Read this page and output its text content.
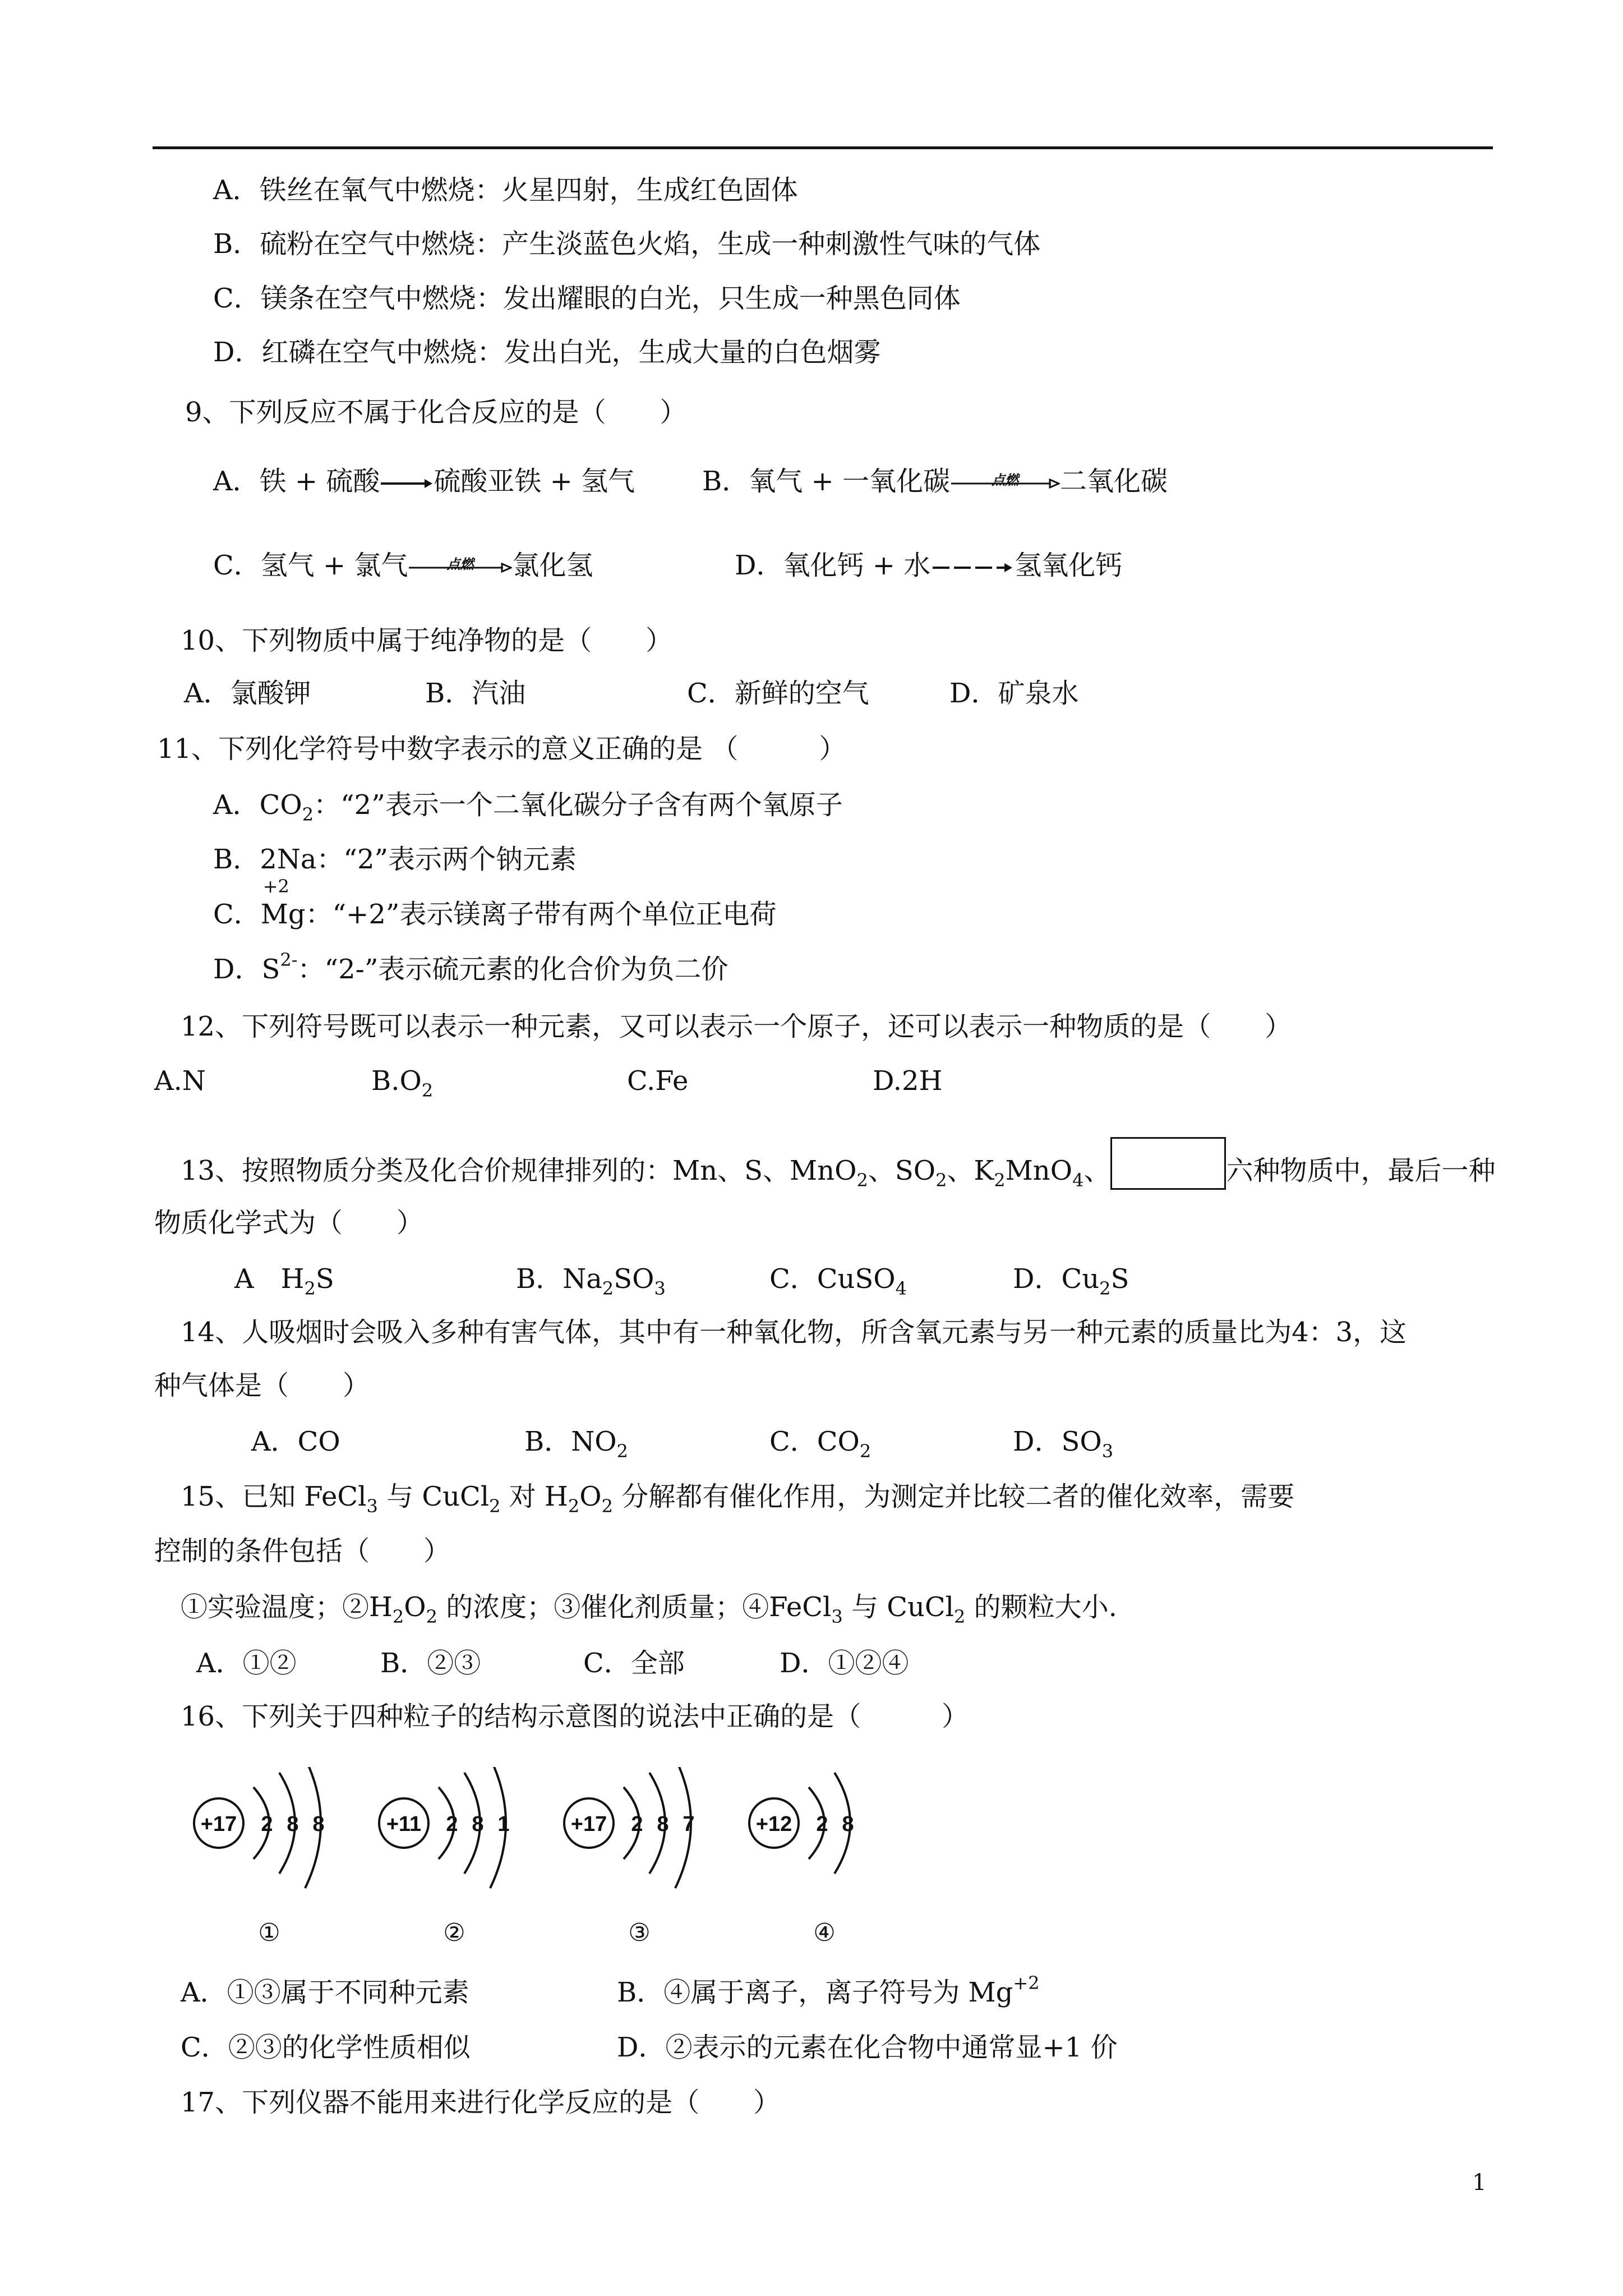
A．铁丝在氧气中燃烧：火星四射，生成红色固体
B．硫粉在空气中燃烧：产生淡蓝色火焰，生成一种刺激性气味的气体
C．镁条在空气中燃烧：发出耀眼的白光，只生成一种黑色同体
D．红磷在空气中燃烧：发出白光，生成大量的白色烟雾
9、下列反应不属于化合反应的是（　　）
A．铁 + 硫酸→硫酸亚铁 + 氢气 B．氧气 + 一氧化碳	点燃	二氧化碳
C．氢气 + 氯气	点燃	氯化氢	D．氧化钙 + 水→氢氧化钙
10、下列物质中属于纯净物的是（　　）
A．氯酸钾	B．汽油	C．新鲜的空气	D．矿泉水
11、下列化学符号中数字表示的意义正确的是 （　　　）
A．$CO_2$：“2”表示一个二氧化碳分子含有两个氧原子
B．2Na：“2”表示两个钠元素
C．
+2
Mg：“+2”表示镁离子带有两个单位正电荷
D．$S^{2-}$：“2-”表示硫元素的化合价为负二价
12、下列符号既可以表示一种元素，又可以表示一个原子，还可以表示一种物质的是（　　）
A.N	$B.O_2$	C.Fe	D.2H
13、按照物质分类及化合价规律排列的：Mn、S、MnO$_2$、$SO_2$、$K_2MnO_4$、	六种物质中，最后一种
物质化学式为（　　）
A　$H_2S$	B．$Na_2SO_3$	C．CuSO$_4$	D．$Cu_2S$
14、人吸烟时会吸入多种有害气体，其中有一种氧化物，所含氧元素与另一种元素的质量比为4：3，这
种气体是（　　）
A．CO	B．$NO_2$	C．$CO_2$	D．$SO_3$
15、已知 FeCl$_3$ 与 CuCl$_2$ 对 $H_2O_2$ 分解都有催化作用，为测定并比较二者的催化效率，需要
控制的条件包括（　　）
①实验温度；$②H_2O_2$ 的浓度；③催化剂质量；④FeCl$_3$ 与 CuCl$_2$ 的颗粒大小.
A．①②	B．②③	C．全部	D．①②④
16、下列关于四种粒子的结构示意图的说法中正确的是（　　　）
+17 2 8 8
①
+11 2 8 1
②
+17 2 8 7
③
+12 2 8
④
A．①③属于不同种元素	B．④属于离子，离子符号为 $Mg^{+2}$
C．②③的化学性质相似	D．②表示的元素在化合物中通常显+1 价
17、下列仪器不能用来进行化学反应的是（　　）
1
